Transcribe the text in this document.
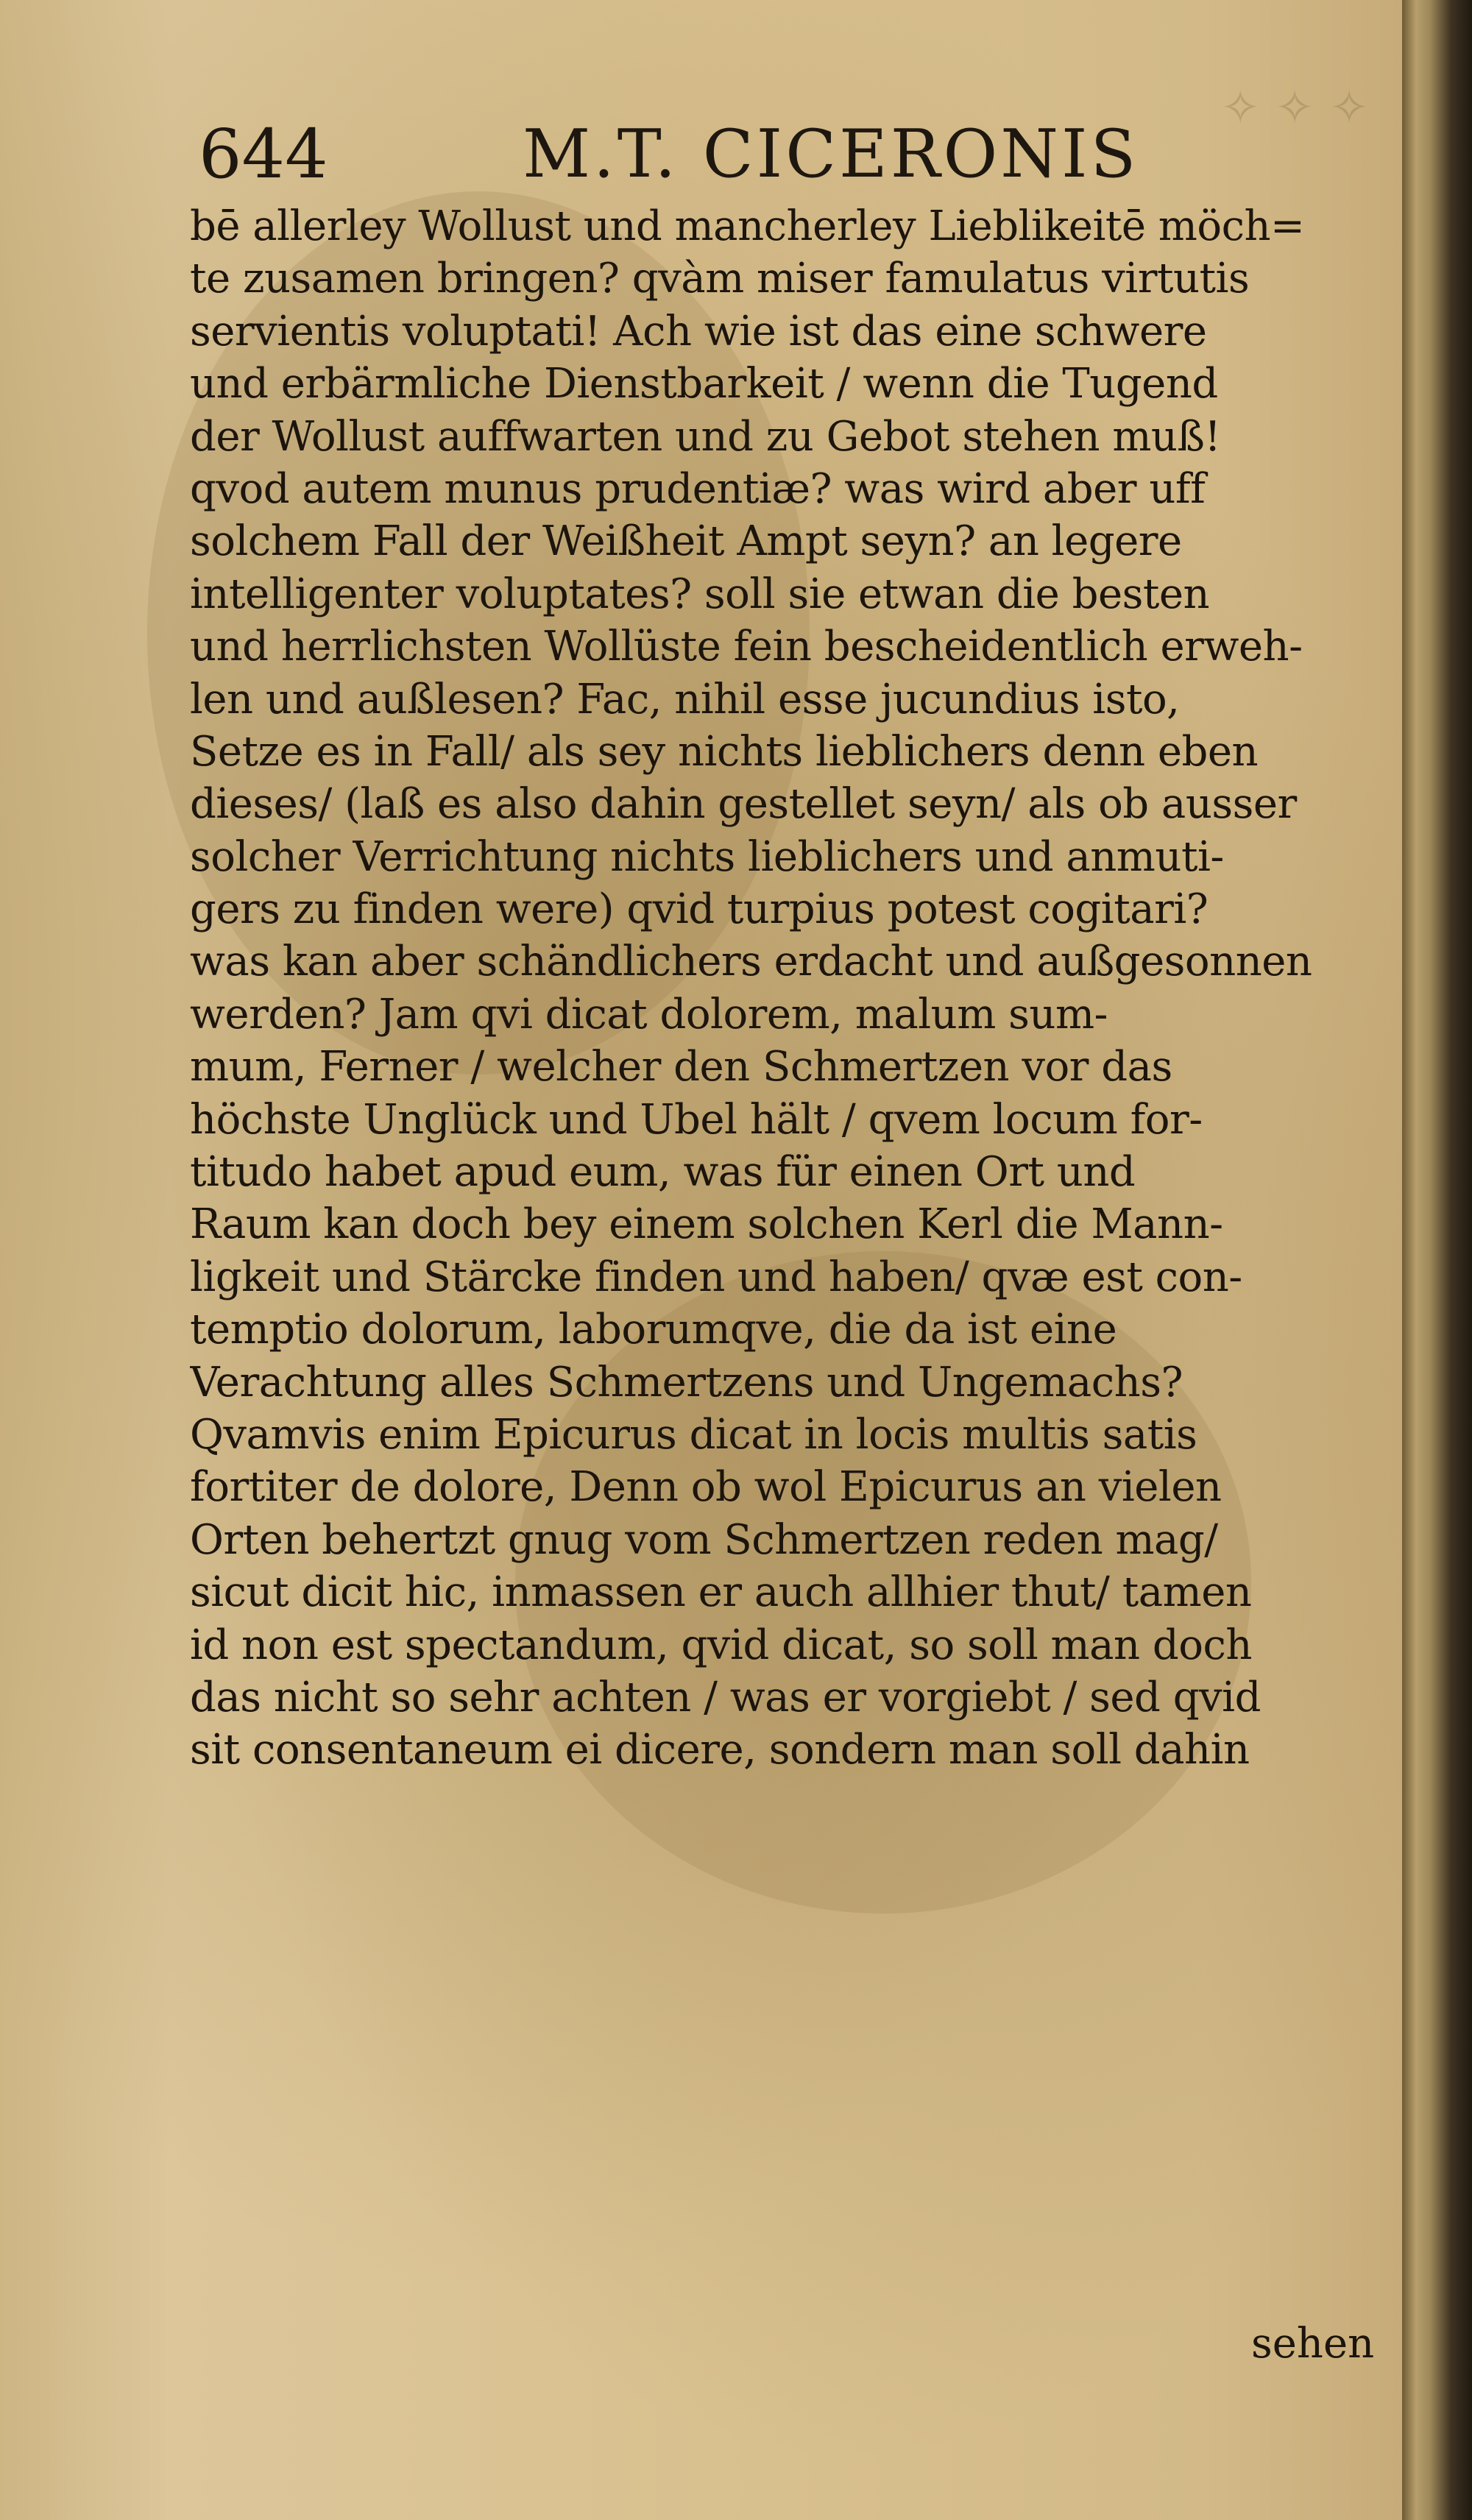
✧ ✧ ✧
644	M.T. CICERONIS
bē allerley Wollust und mancherley Lieblikeitē möch=
te zusamen bringen? qvàm miser famulatus virtutis
servientis voluptati! Ach wie ist das eine schwere
und erbärmliche Dienstbarkeit / wenn die Tugend
der Wollust auffwarten und zu Gebot stehen muß!
qvod autem munus prudentiæ? was wird aber uff
solchem Fall der Weißheit Ampt seyn? an legere
intelligenter voluptates? soll sie etwan die besten
und herrlichsten Wollüste fein bescheidentlich erweh-
len und außlesen? Fac, nihil esse jucundius isto,
Setze es in Fall/ als sey nichts lieblichers denn eben
dieses/ (laß es also dahin gestellet seyn/ als ob ausser
solcher Verrichtung nichts lieblichers und anmuti-
gers zu finden were) qvid turpius potest cogitari?
was kan aber schändlichers erdacht und außgesonnen
werden? Jam qvi dicat dolorem, malum sum-
mum, Ferner / welcher den Schmertzen vor das
höchste Unglück und Ubel hält / qvem locum for-
titudo habet apud eum, was für einen Ort und
Raum kan doch bey einem solchen Kerl die Mann-
ligkeit und Stärcke finden und haben/ qvæ est con-
temptio dolorum, laborumqve, die da ist eine
Verachtung alles Schmertzens und Ungemachs?
Qvamvis enim Epicurus dicat in locis multis satis
fortiter de dolore, Denn ob wol Epicurus an vielen
Orten behertzt gnug vom Schmertzen reden mag/
sicut dicit hic, inmassen er auch allhier thut/ tamen
id non est spectandum, qvid dicat, so soll man doch
das nicht so sehr achten / was er vorgiebt / sed qvid
sit consentaneum ei dicere, sondern man soll dahin
sehen
